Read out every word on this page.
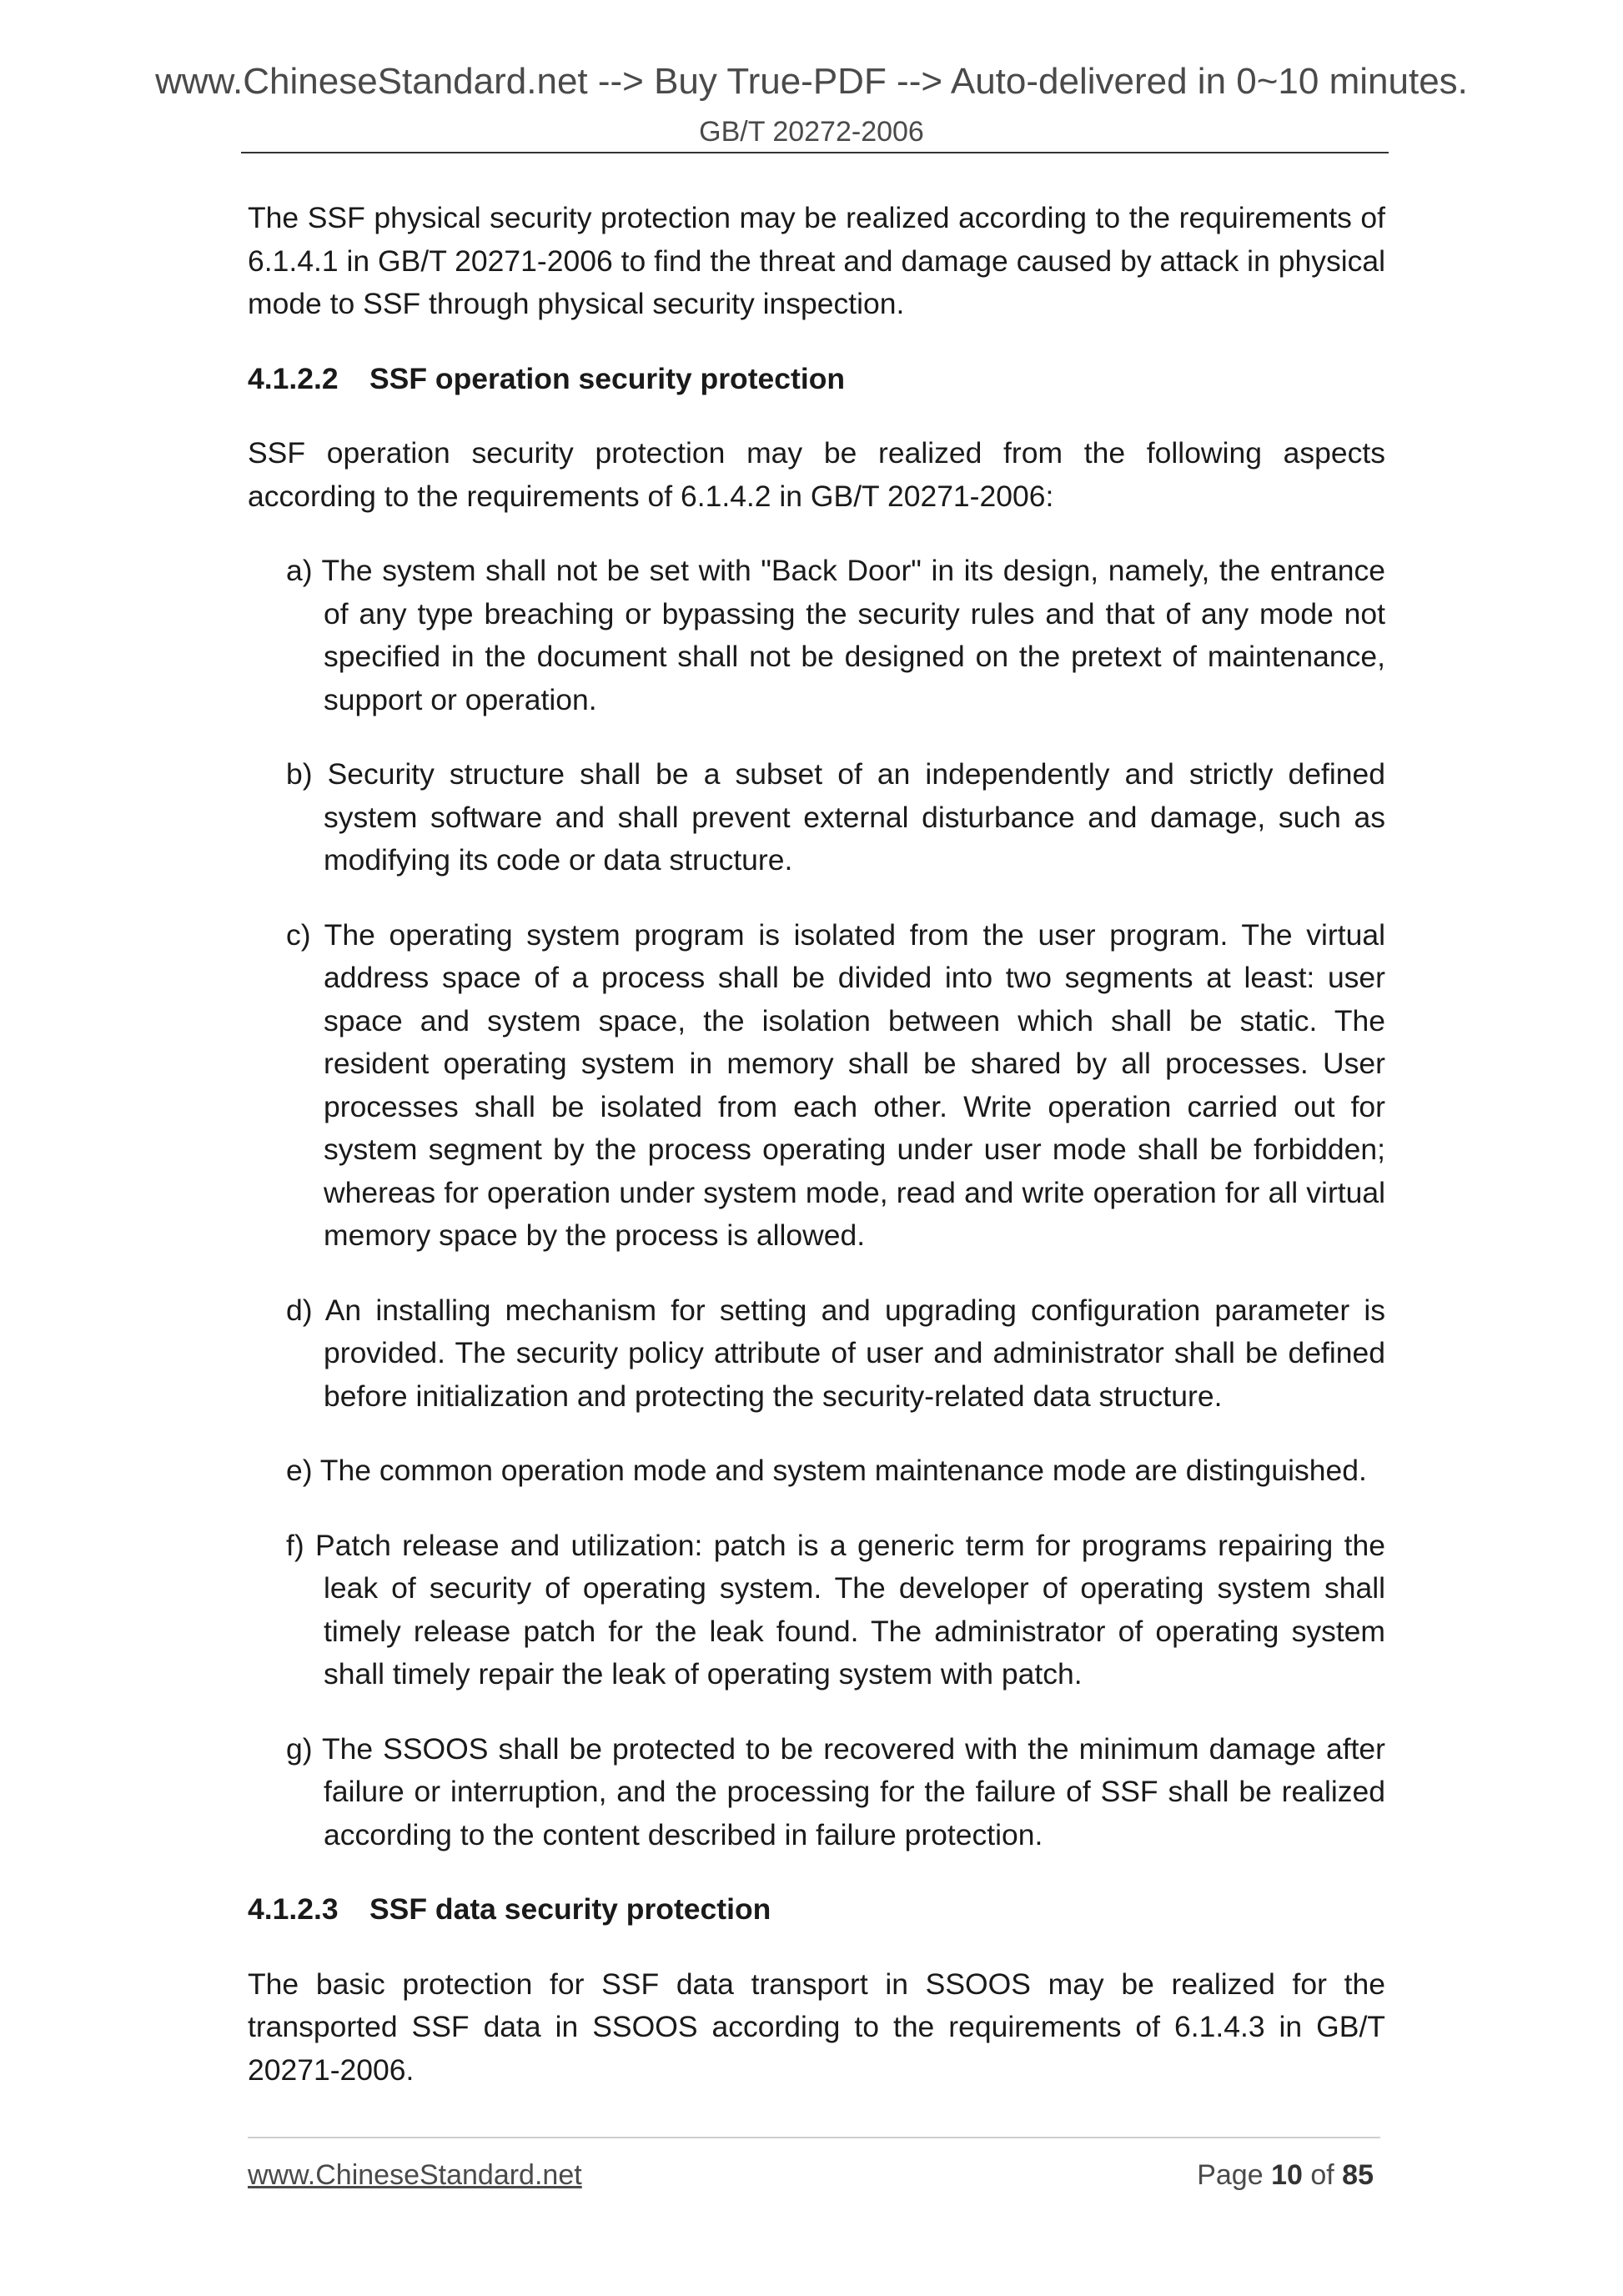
www.ChineseStandard.net --> Buy True-PDF --> Auto-delivered in 0~10 minutes.
GB/T 20272-2006

The SSF physical security protection may be realized according to the requirements of 6.1.4.1 in GB/T 20271-2006 to find the threat and damage caused by attack in physical mode to SSF through physical security inspection.

4.1.2.2 SSF operation security protection

SSF operation security protection may be realized from the following aspects according to the requirements of 6.1.4.2 in GB/T 20271-2006:

a) The system shall not be set with "Back Door" in its design, namely, the entrance of any type breaching or bypassing the security rules and that of any mode not specified in the document shall not be designed on the pretext of maintenance, support or operation.

b) Security structure shall be a subset of an independently and strictly defined system software and shall prevent external disturbance and damage, such as modifying its code or data structure.

c) The operating system program is isolated from the user program. The virtual address space of a process shall be divided into two segments at least: user space and system space, the isolation between which shall be static. The resident operating system in memory shall be shared by all processes. User processes shall be isolated from each other. Write operation carried out for system segment by the process operating under user mode shall be forbidden; whereas for operation under system mode, read and write operation for all virtual memory space by the process is allowed.

d) An installing mechanism for setting and upgrading configuration parameter is provided. The security policy attribute of user and administrator shall be defined before initialization and protecting the security-related data structure.

e) The common operation mode and system maintenance mode are distinguished.

f) Patch release and utilization: patch is a generic term for programs repairing the leak of security of operating system. The developer of operating system shall timely release patch for the leak found. The administrator of operating system shall timely repair the leak of operating system with patch.

g) The SSOOS shall be protected to be recovered with the minimum damage after failure or interruption, and the processing for the failure of SSF shall be realized according to the content described in failure protection.

4.1.2.3 SSF data security protection

The basic protection for SSF data transport in SSOOS may be realized for the transported SSF data in SSOOS according to the requirements of 6.1.4.3 in GB/T 20271-2006.

www.ChineseStandard.net	Page 10 of 85
